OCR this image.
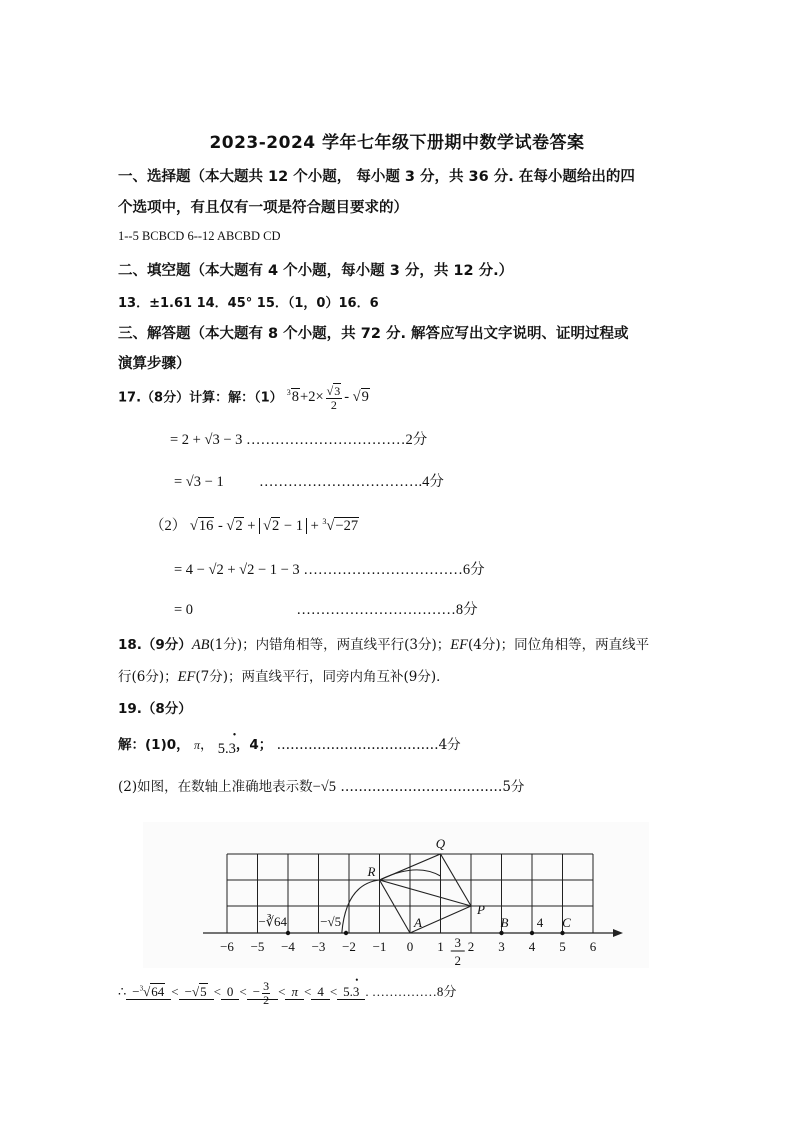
2023-2024 学年七年级下册期中数学试卷答案
一、选择题（本大题共 12 个小题， 每小题 3 分，共 36 分. 在每小题给出的四
个选项中，有且仅有一项是符合题目要求的）
1--5 BCBCD 6--12 ABCBD CD
二、填空题（本大题有 4 个小题，每小题 3 分，共 12 分.）
13．±1.61 14．45° 15．（1，0）16．6
三、解答题（本大题有 8 个小题，共 72 分. 解答应写出文字说明、证明过程或
演算步骤）
17.（8分）计算：解：（1） $^38+2\times \frac{√3}{2} - √9$
= 2 + √3 − 3 ……………………………2分
= √3 − 1 …………………………….4分
（2） √16 - √2 + √2 − 1 + $^3$√−27
= 4 − √2 + √2 − 1 − 3 ……………………………6分
= 0	……………………………8分
18.（9分）AB(1分)；内错角相等，两直线平行(3分)；EF(4分)；同位角相等，两直线平
行(6分)；EF(7分)；两直线平行，同旁内角互补(9分)．
19.（8分）
解：(1)0， π， 5.3
•
，4； ………………………………4分
(2)如图，在数轴上准确地表示数−√5 ………………………………5分
−6 −5 −4 −3 −2 −1 0 1 2 3 4 5 6
Q
R
A
P
B	C
−∛64	−√5	4
3
2
∴ −$^3$√64 < −√5 < 0 < − $\frac{3}{2} < \pi < 4 < 5.3$
•
. ……………8分
